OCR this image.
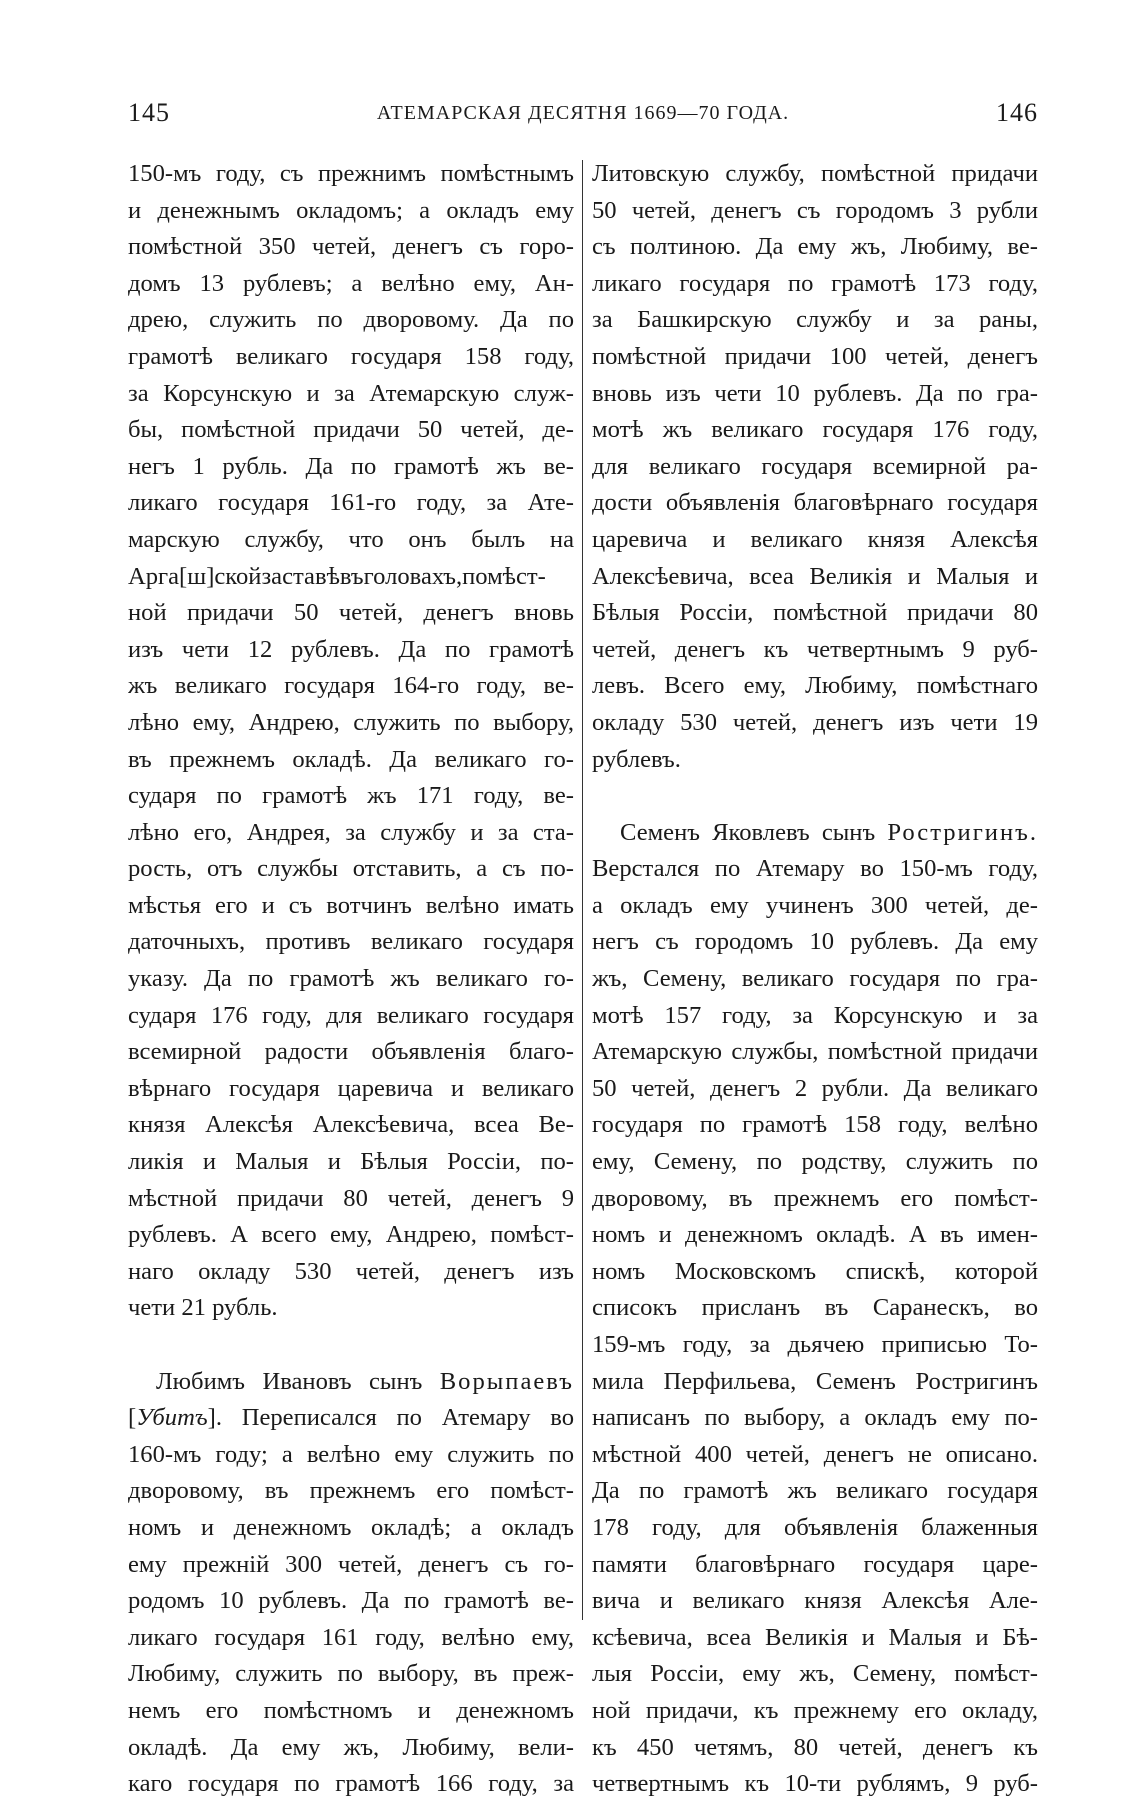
145	АТЕМАРСКАЯ ДЕСЯТНЯ 1669—70 ГОДА.	146
150-мъ году, съ прежнимъ помѣстнымъ
и денежнымъ окладомъ; а окладъ ему
помѣстной 350 четей, денегъ съ горо-
домъ 13 рублевъ; а велѣно ему, Ан-
дрею, служить по дворовому. Да по
грамотѣ великаго государя 158 году,
за Корсунскую и за Атемарскую служ-
бы, помѣстной придачи 50 четей, де-
негъ 1 рубль. Да по грамотѣ жъ ве-
ликаго государя 161-го году, за Ате-
марскую службу, что онъ былъ на
Арга[ш]скойзаставѣвъголовахъ,помѣст-
ной придачи 50 четей, денегъ вновь
изъ чети 12 рублевъ. Да по грамотѣ
жъ великаго государя 164-го году, ве-
лѣно ему, Андрею, служить по выбору,
въ прежнемъ окладѣ. Да великаго го-
сударя по грамотѣ жъ 171 году, ве-
лѣно его, Андрея, за службу и за ста-
рость, отъ службы отставить, а съ по-
мѣстья его и съ вотчинъ велѣно имать
даточныхъ, противъ великаго государя
указу. Да по грамотѣ жъ великаго го-
сударя 176 году, для великаго государя
всемирной радости объявленія благо-
вѣрнаго государя царевича и великаго
князя Алексѣя Алексѣевича, всеа Ве-
ликія и Малыя и Бѣлыя Россіи, по-
мѣстной придачи 80 четей, денегъ 9
рублевъ. А всего ему, Андрею, помѣст-
наго окладу 530 четей, денегъ изъ
чети 21 рубль.
Любимъ Ивановъ сынъ Ворыпаевъ
[Убитъ]. Переписался по Атемару во
160-мъ году; а велѣно ему служить по
дворовому, въ прежнемъ его помѣст-
номъ и денежномъ окладѣ; а окладъ
ему прежній 300 четей, денегъ съ го-
родомъ 10 рублевъ. Да по грамотѣ ве-
ликаго государя 161 году, велѣно ему,
Любиму, служить по выбору, въ преж-
немъ его помѣстномъ и денежномъ
окладѣ. Да ему жъ, Любиму, вели-
каго государя по грамотѣ 166 году, за
Литовскую службу, помѣстной придачи
50 четей, денегъ съ городомъ 3 рубли
съ полтиною. Да ему жъ, Любиму, ве-
ликаго государя по грамотѣ 173 году,
за Башкирскую службу и за раны,
помѣстной придачи 100 четей, денегъ
вновь изъ чети 10 рублевъ. Да по гра-
мотѣ жъ великаго государя 176 году,
для великаго государя всемирной ра-
дости объявленія благовѣрнаго государя
царевича и великаго князя Алексѣя
Алексѣевича, всеа Великія и Малыя и
Бѣлыя Россіи, помѣстной придачи 80
четей, денегъ къ четвертнымъ 9 руб-
левъ. Всего ему, Любиму, помѣстнаго
окладу 530 четей, денегъ изъ чети 19
рублевъ.
Семенъ Яковлевъ сынъ Ростригинъ.
Верстался по Атемару во 150-мъ году,
а окладъ ему учиненъ 300 четей, де-
негъ съ городомъ 10 рублевъ. Да ему
жъ, Семену, великаго государя по гра-
мотѣ 157 году, за Корсунскую и за
Атемарскую службы, помѣстной придачи
50 четей, денегъ 2 рубли. Да великаго
государя по грамотѣ 158 году, велѣно
ему, Семену, по родству, служить по
дворовому, въ прежнемъ его помѣст-
номъ и денежномъ окладѣ. А въ имен-
номъ Московскомъ спискѣ, которой
списокъ присланъ въ Саранескъ, во
159-мъ году, за дьячею приписью То-
мила Перфильева, Семенъ Ростригинъ
написанъ по выбору, а окладъ ему по-
мѣстной 400 четей, денегъ не описано.
Да по грамотѣ жъ великаго государя
178 году, для объявленія блаженныя
памяти благовѣрнаго государя царе-
вича и великаго князя Алексѣя Але-
ксѣевича, всеа Великія и Малыя и Бѣ-
лыя Россіи, ему жъ, Семену, помѣст-
ной придачи, къ прежнему его окладу,
къ 450 четямъ, 80 четей, денегъ къ
четвертнымъ къ 10-ти рублямъ, 9 руб-
